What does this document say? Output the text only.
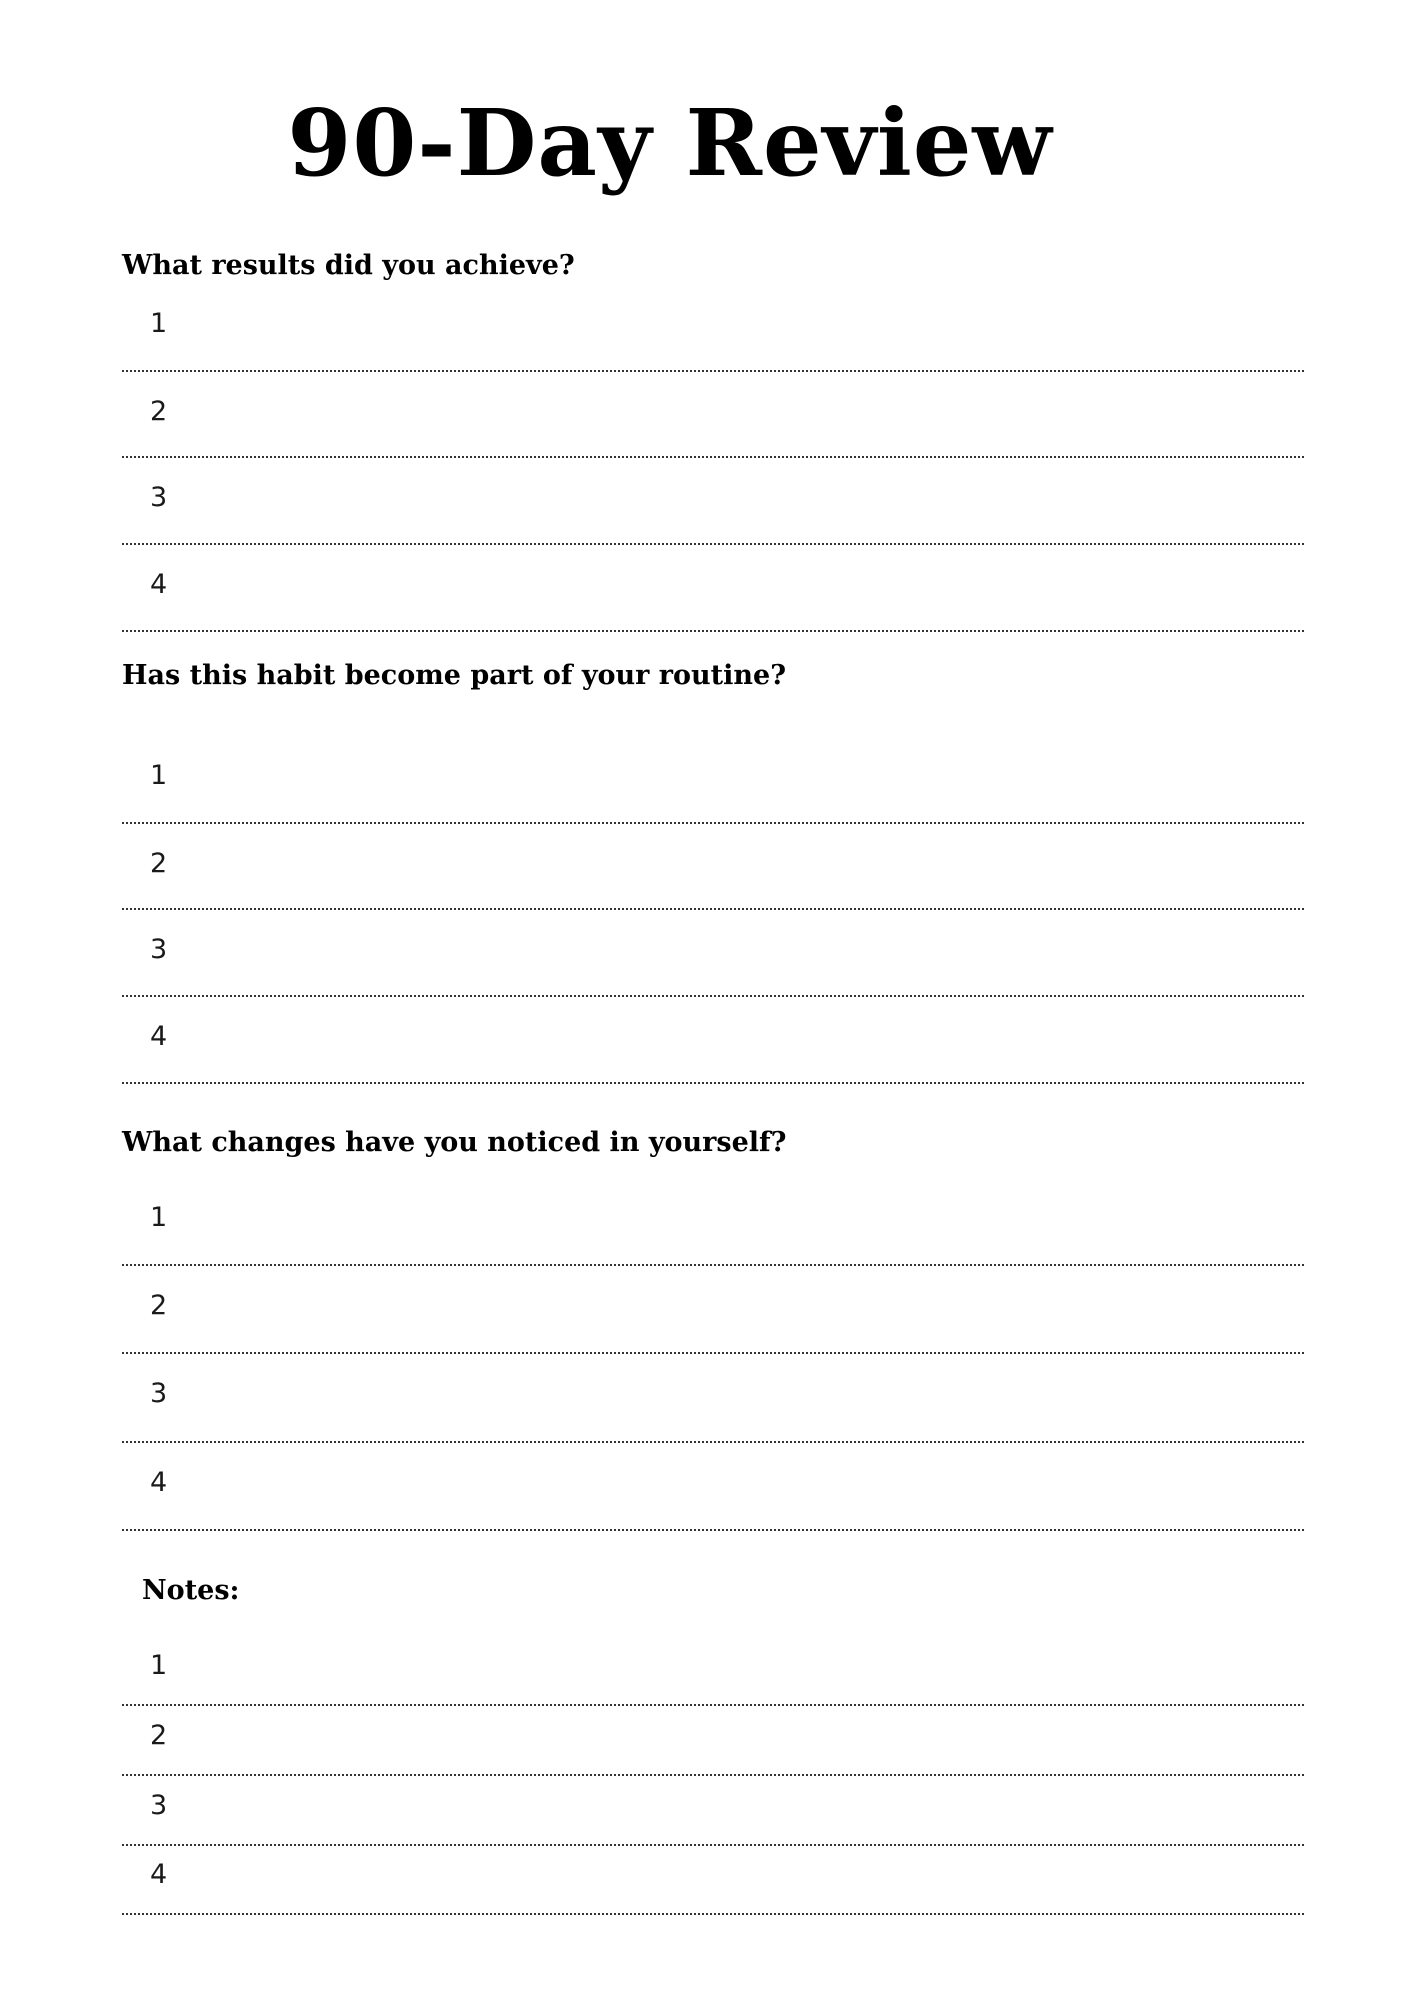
90-Day Review
What results did you achieve?
1
2
3
4
Has this habit become part of your routine?
1
2
3
4
What changes have you noticed in yourself?
1
2
3
4
Notes:
1
2
3
4
